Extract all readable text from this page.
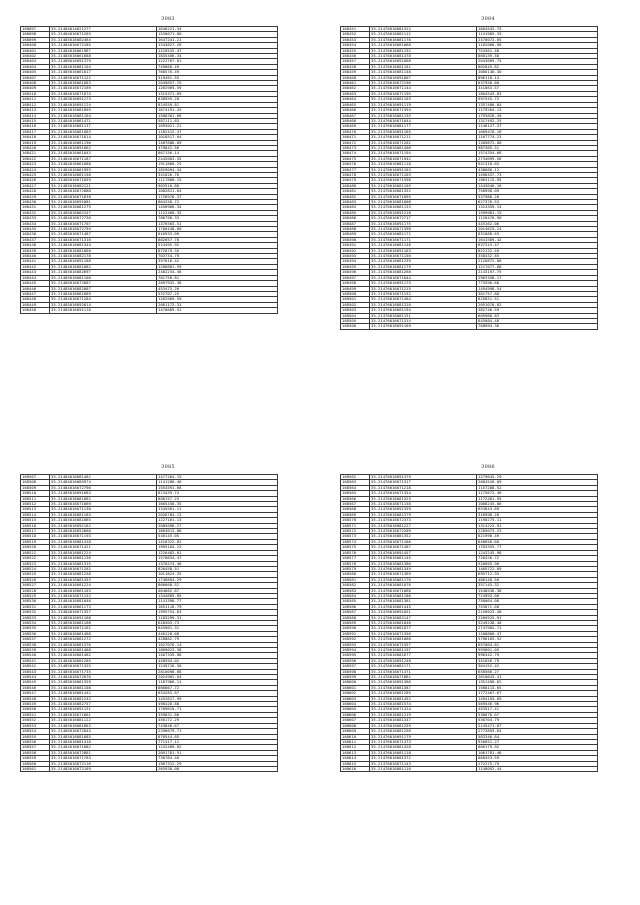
3083
168097	35.21484014621277	1646221.34
168098	35.21484016071203	1530071.80
168099	35.21485016082464	1647241.21
168400	35.21484016072185	1343827.28
168401	35.21484016061987	1210532.47
168402	35.21485016061688	1835406.34
168403	35.21486016091379	1222767.01
168404	35.21484016081104	749668.49
168405	35.21485016061017	768570.49
168407	35.21485016071122	319491.55
168408	35.21484016061083	2049657.75
168409	35.21484016072189	1262969.59
168410	35.21484016071074	1315371.69
168411	35.21483016091273	838959.28
168412	35.21484016091124	824559.81
168413	35.21484016081095	1674191.43
168414	35.21485016061164	1586301.68
168415	35.21484016061471	587111.63
168416	35.21485016081137	1093021.21
168417	35.21484016081083	1182412.47
168418	35.21485016071814	1018517.04
168419	35.21484016081190	1487606.09
168420	35.21484016091062	379842.56
168421	35.21485016061043	867156.14
168422	35.21484016071167	2442003.35
168423	35.21484016061088	1911860.25
168424	35.21484016061993	1829094.44
168425	35.21485016081158	341026.76
168426	35.21485016071059	1117886.15
168427	35.21485016082121	903510.80
168428	35.21484016072080	1082811.64
168429	35.21485016071638	1726976.37
168430	35.21484016091081	864258.72
168431	35.21485016081275	1456966.34
168432	35.21485016062157	1122460.35
168433	35.21484016072736	786798.33
168434	35.21484016071707	1376563.51
168435	35.21484016072794	1700448.00
168436	35.21485016071487	616933.09
168437	35.21484016071316	882657.70
168438	35.21484016081344	524495.92
168439	35.21485016081060	872679.35
168440	35.21484016082178	703734.79
168441	35.21484016091168	357616.42
168442	35.21484016081082	1266881.59
168443	35.21484016082697	2482234.48
168444	35.21485016081100	701758.81
168445	35.21485016072087	2097932.38
168446	35.21485016082087	453475.20
168447	35.21484016061089	532707.25
168448	35.21484016071284	1262969.59
168449	35.21485016092014	2081172.31
168450	35.21485016091170	1470689.52
3084
168451	35.21476016081322	1604542.75
168452	35.21476016081112	1141985.35
168453	35.21476016081176	2470072.05
168454	35.21476016081068	1102006.90
168455	35.21476016081192	754361.48
168456	35.21476016081478	868139.58
168457	35.21476016091008	2043669.75
168458	35.21476016081161	862845.82
168459	35.21476016081148	1060148.30
168460	35.21476016091807	896118.14
168461	35.21476016072196	637956.60
168462	35.21476016071144	341863.57
168463	35.21476016071195	1804543.83
168464	35.21476016081103	997545.72
168465	35.21476016091119	1357486.84
168466	35.21476016071394	1179264.13
168467	35.21476016081135	1793826.49
168468	35.21476016071044	1317492.25
168469	35.21476016081177	1146127.37
168470	35.21476016091165	1609470.16
168471	35.21476016071211	1167774.23
168472	35.21476016071202	1309872.06
168473	35.21476016081408	987365.51
168474	35.21476016071194	1574354.68
168475	35.21476016071942	2734699.56
168476	35.21476016081118	941318.65
168477	35.21476016091163	438686.12
168478	35.21476016071103	1496457.73
168479	35.21476016071598	1963115.95
168480	35.21476016081105	1443046.16
168481	35.21476016081352	758998.09
168482	35.21476016071095	537986.28
168483	35.21476016081008	627378.53
168484	35.21476016081133	1314359.14
168485	35.21476016091218	1599981.15
168486	35.21476016072717	1126476.90
168487	35.21476016091175	445162.06
168488	35.21476016071398	2014625.24
168489	35.21476016081172	831888.63
168490	35.21476016071171	1641509.42
168491	35.21476016081146	637315.47
168492	35.21476016091163	822132.49
168493	35.21476016071156	358432.65
168494	35.21476016081239	2126872.80
168495	35.21476016081179	1217077.68
168496	35.21476016081268	2143197.75
168497	35.21476016071044	2963358.17
168498	35.21476016091175	773590.68
168499	35.21476016071215	1494998.54
168500	35.21476016071152	361757.88
168501	35.21476016071464	825831.51
168502	35.21476016081310	2051070.82
168503	35.21476016081194	382746.59
168504	35.21476016081151	605966.83
168505	35.21476016071314	845084.48
168506	35.21476016091169	768094.36
3085
168507	35.21484016081462	1477264.15
168508	35.21484016085974	1141288.46
168509	35.21484016072796	1554591.68
168510	35.21485016091683	874439.74
168511	35.21484016061882	808157.23
168512	35.21485016071069	1665456.35
168513	35.21484016071130	1345561.11
168514	35.21484016081163	2026784.13
168515	35.21484016081085	1227161.13
168516	35.21485016092162	2085096.27
168517	35.21485016052668	1663613.86
168518	35.21485016071193	548145.05
168519	35.21485016081418	1416322.82
168520	35.21484016071421	1995104.22
168521	35.21485016081224	1226482.01
168522	35.21484016081136	1570634.47
168523	35.21484016081315	1370474.46
168524	35.21484016071202	826458.51
168525	35.21484016081258	1011824.35
168526	35.21484016081453	1746894.29
168527	35.21484016081224	866668.52
168528	35.21484016061103	464682.67
168529	35.21485016071152	1344885.85
168530	35.21484016081046	1141398.77
168531	35.21485016061173	1651118.79
168532	35.21484016071357	1995754.63
168533	35.21485016091168	1183299.31
168534	35.21485016081168	620303.73
168535	35.21485016071162	645961.31
168536	35.21485016061468	446128.68
168537	35.21485016081272	428882.79
168538	35.21485016081376	1027076.14
168539	35.21484016081468	1869623.38
168540	35.21484016081462	1407339.88
168541	35.21484016081265	448594.02
168542	35.21485016071325	1249716.30
168543	35.21485016071735	2810098.68
168544	35.21484016072076	2024902.04
168545	35.21485016061359	1187966.11
168546	35.21484016081108	866867.72
168547	35.21485016081442	634283.67
168548	35.21484016081242	1452617.99
168549	35.21484016082757	498428.88
168550	35.21485016091131	1709619.71
168551	35.21485016071661	359631.86
168552	35.21484016081122	456172.29
168553	35.21485016081063	743846.67
168554	35.21485016072044	2296679.71
168555	35.21485016081085	876544.85
168556	35.21484016081410	771417.11
168557	35.21484016071082	1242489.82
168558	35.21485016072881	2091781.51
168559	35.21484016071763	730764.40
168560	35.21485016072116	1967312.29
168561	35.21485016072189	265938.08
3086
168562	35.21476016091379	1279645.29
168563	35.21476016071317	2084526.09
168564	35.21476016071218	1157288.52
168565	35.21476016071354	1175672.46
168566	35.21476016081325	1172461.95
168567	35.21476016071158	1068245.86
168568	35.21476016091359	653843.69
168569	35.21476016081379	316998.28
168570	35.21476016072373	1190275.11
168571	35.21476016081227	1314223.91
168572	35.21476016072209	2285073.23
168573	35.21476016081352	621996.49
168574	35.21476016071166	648656.60
168575	35.21476016071487	1703355.77
168576	35.21476016091457	1243245.98
168577	35.21476016081145	726426.72
168578	35.21476016081380	520095.96
168579	35.21476016081349	1469722.89
168580	35.21476016071369	695712.35
168581	35.21476016081176	406148.50
168582	35.21476016081076	357145.32
168583	35.21476016071066	1548536.38
168584	35.21476016081186	724993.08
168585	35.21476016081361	758064.08
168586	35.21476016081445	753072.68
168587	35.21476016091051	2150923.48
168588	35.21476016082147	2260525.91
168589	35.21476016081046	3249238.40
168590	35.21476016081077	2747902.71
168591	35.21476016071356	1180860.47
168592	35.21476016081060	5796165.52
168593	35.21476016071557	657004.81
168594	35.21476016081197	993601.05
168595	35.21476016081677	996342.79
168596	35.21476016091248	341656.79
168597	35.21476016081171	364152.42
168598	35.21476016071471	658566.27
168599	35.21476016071862	2610643.41
168600	35.21476016091366	1351498.62
168601	35.21476016081387	1588113.65
168602	35.21476016081265	1772467.67
168603	35.21476016081452	1494194.09
168604	35.21476016081574	569546.96
168605	35.21476016071424	453517.41
168606	35.21476016081219	536678.07
168607	35.21476016081347	530704.79
168608	35.21476016081259	2145471.87
168609	35.21476016081256	2773893.64
168610	35.21476016091179	583346.84
168611	35.21476016071473	926051.27
168612	35.21476016081428	806179.92
168613	35.21476016081118	1061781.46
168614	35.21476016081372	868453.59
168615	35.21476016071143	272275.79
168616	35.21476016081116	1148092.44
